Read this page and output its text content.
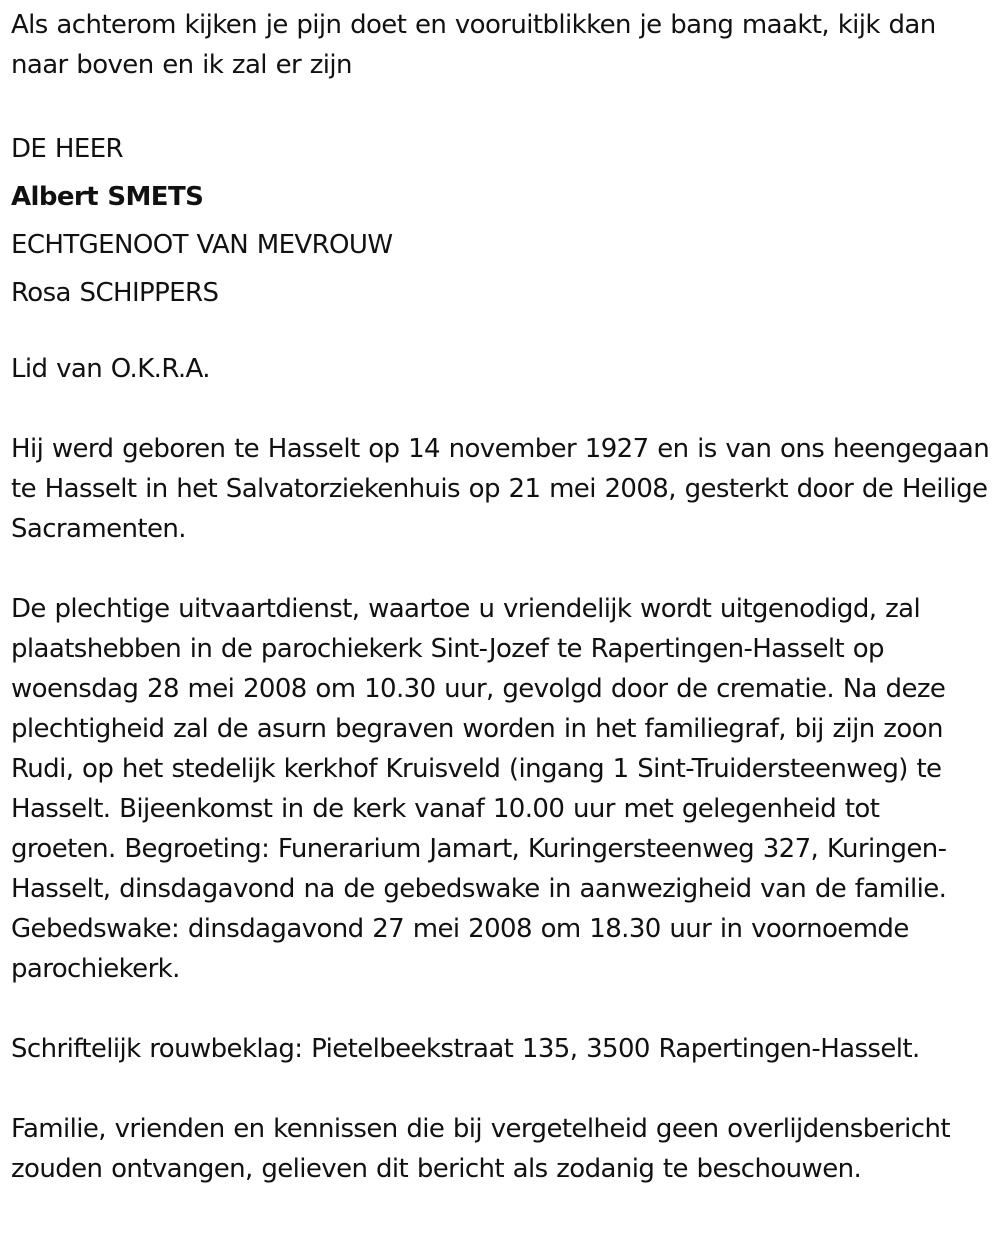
Als achterom kijken je pijn doet en vooruitblikken je bang maakt, kijk dan naar boven en ik zal er zijn

DE HEER

Albert SMETS

ECHTGENOOT VAN MEVROUW

Rosa SCHIPPERS

Lid van O.K.R.A.

Hij werd geboren te Hasselt op 14 november 1927 en is van ons heengegaan te Hasselt in het Salvatorziekenhuis op 21 mei 2008, gesterkt door de Heilige Sacramenten.

De plechtige uitvaartdienst, waartoe u vriendelijk wordt uitgenodigd, zal plaatshebben in de parochiekerk Sint-Jozef te Rapertingen-Hasselt op woensdag 28 mei 2008 om 10.30 uur, gevolgd door de crematie. Na deze plechtigheid zal de asurn begraven worden in het familiegraf, bij zijn zoon Rudi, op het stedelijk kerkhof Kruisveld (ingang 1 Sint-Truidersteenweg) te Hasselt. Bijeenkomst in de kerk vanaf 10.00 uur met gelegenheid tot groeten. Begroeting: Funerarium Jamart, Kuringersteenweg 327, Kuringen-Hasselt, dinsdagavond na de gebedswake in aanwezigheid van de familie. Gebedswake: dinsdagavond 27 mei 2008 om 18.30 uur in voornoemde parochiekerk.

Schriftelijk rouwbeklag: Pietelbeekstraat 135, 3500 Rapertingen-Hasselt.

Familie, vrienden en kennissen die bij vergetelheid geen overlijdensbericht zouden ontvangen, gelieven dit bericht als zodanig te beschouwen.
